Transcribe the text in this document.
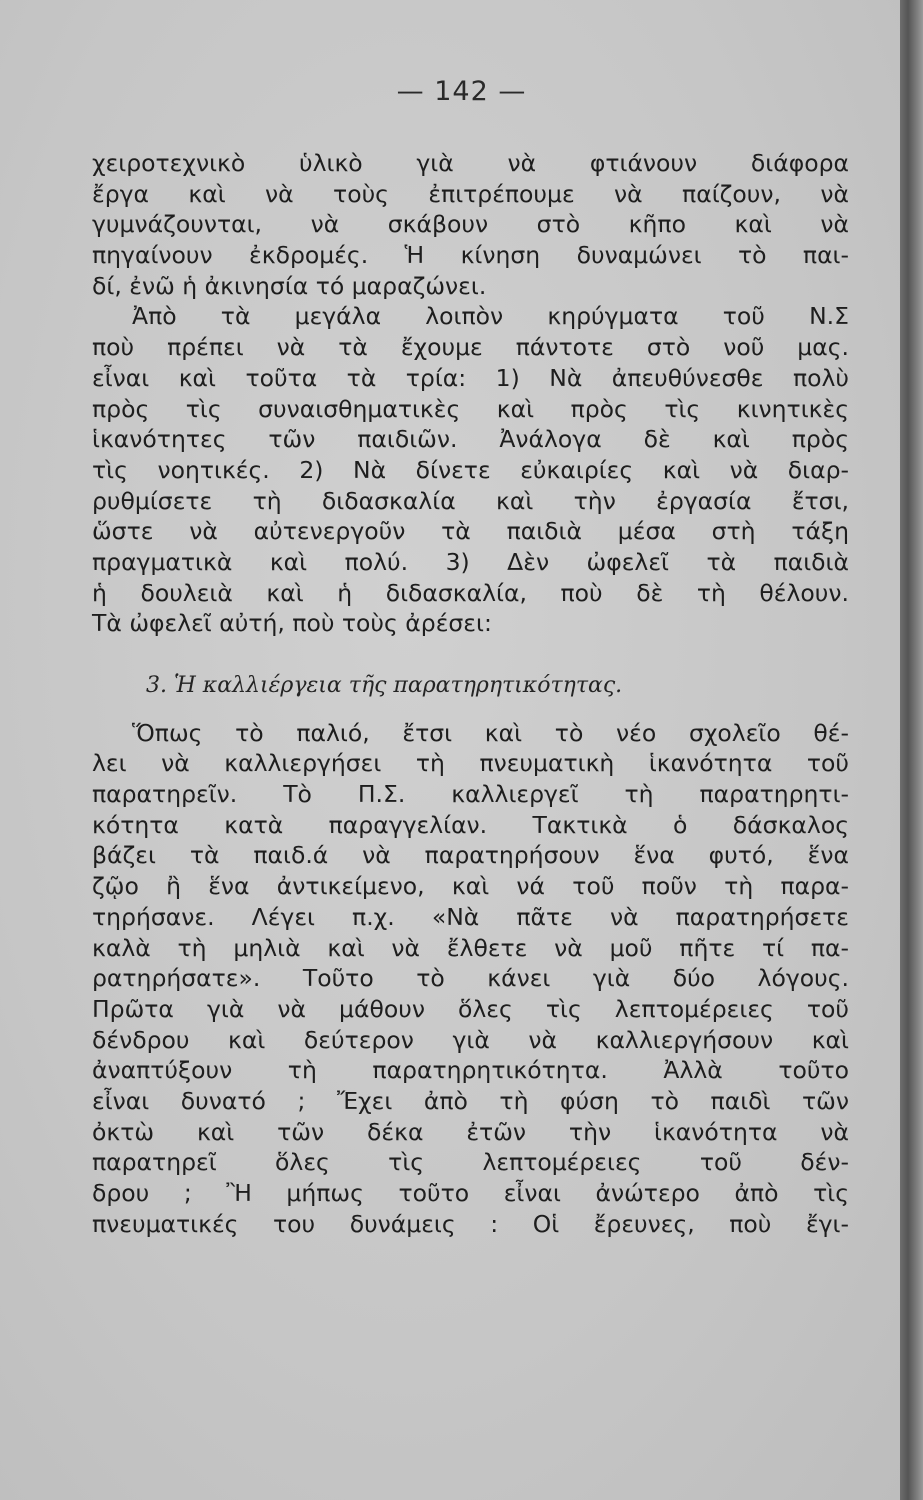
— 142 —
χειροτεχνικὸ ὑλικὸ γιὰ νὰ φτιάνουν διάφορα
ἔργα καὶ νὰ τοὺς ἐπιτρέπουμε νὰ παίζουν, νὰ
γυμνάζουνται, νὰ σκάβουν στὸ κῆπο καὶ νὰ
πηγαίνουν ἐκδρομές. Ἡ κίνηση δυναμώνει τὸ παι-
δί, ἐνῶ ἡ ἀκινησία τό μαραζώνει.
Ἀπὸ τὰ μεγάλα λοιπὸν κηρύγματα τοῦ Ν.Σ
ποὺ πρέπει νὰ τὰ ἔχουμε πάντοτε στὸ νοῦ μας.
εἶναι καὶ τοῦτα τὰ τρία: 1) Νὰ ἀπευθύνεσθε πολὺ
πρὸς τὶς συναισθηματικὲς καὶ πρὸς τὶς κινητικὲς
ἱκανότητες τῶν παιδιῶν. Ἀνάλογα δὲ καὶ πρὸς
τὶς νοητικές. 2) Νὰ δίνετε εὐκαιρίες καὶ νὰ διαρ-
ρυθμίσετε τὴ διδασκαλία καὶ τὴν ἐργασία ἔτσι,
ὥστε νὰ αὐτενεργοῦν τὰ παιδιὰ μέσα στὴ τάξη
πραγματικὰ καὶ πολύ. 3) Δὲν ὠφελεῖ τὰ παιδιὰ
ἡ δουλειὰ καὶ ἡ διδασκαλία, ποὺ δὲ τὴ θέλουν.
Τὰ ὠφελεῖ αὐτή, ποὺ τοὺς ἀρέσει:
3. Ἡ καλλιέργεια τῆς παρατηρητικότητας.
Ὅπως τὸ παλιό, ἔτσι καὶ τὸ νέο σχολεῖο θέ-
λει νὰ καλλιεργήσει τὴ πνευματικὴ ἱκανότητα τοῦ
παρατηρεῖν. Τὸ Π.Σ. καλλιεργεῖ τὴ παρατηρητι-
κότητα κατὰ παραγγελίαν. Τακτικὰ ὁ δάσκαλος
βάζει τὰ παιδ.ά νὰ παρατηρήσουν ἕνα φυτό, ἕνα
ζῷο ἢ ἕνα ἀντικείμενο, καὶ νά τοῦ ποῦν τὴ παρα-
τηρήσανε. Λέγει π.χ. «Νὰ πᾶτε νὰ παρατηρήσετε
καλὰ τὴ μηλιὰ καὶ νὰ ἔλθετε νὰ μοῦ πῆτε τί πα-
ρατηρήσατε». Τοῦτο τὸ κάνει γιὰ δύο λόγους.
Πρῶτα γιὰ νὰ μάθουν ὅλες τὶς λεπτομέρειες τοῦ
δένδρου καὶ δεύτερον γιὰ νὰ καλλιεργήσουν καὶ
ἀναπτύξουν τὴ παρατηρητικότητα. Ἀλλὰ τοῦτο
εἶναι δυνατό ; Ἔχει ἀπὸ τὴ φύση τὸ παιδὶ τῶν
ὀκτὼ καὶ τῶν δέκα ἐτῶν τὴν ἱκανότητα νὰ
παρατηρεῖ ὅλες τὶς λεπτομέρειες τοῦ δέν-
δρου ; Ἢ μήπως τοῦτο εἶναι ἀνώτερο ἀπὸ τὶς
πνευματικές του δυνάμεις : Οἱ ἔρευνες, ποὺ ἔγι-
